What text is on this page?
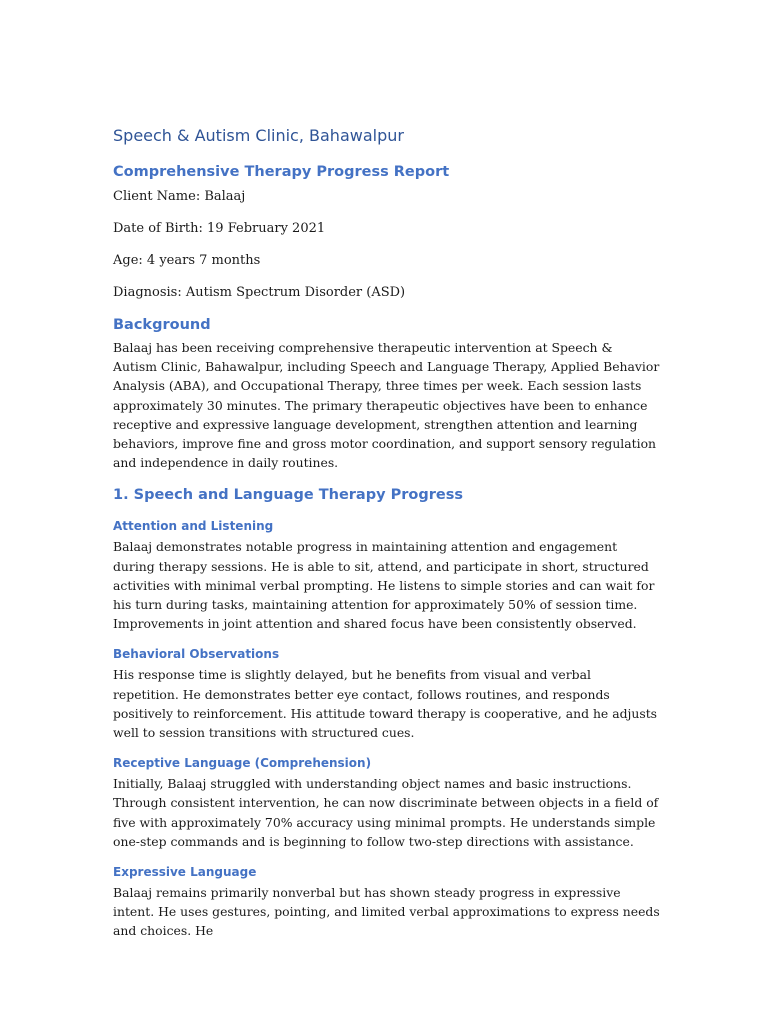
Speech & Autism Clinic, Bahawalpur
Comprehensive Therapy Progress Report

Client Name: Balaaj

Date of Birth: 19 February 2021

Age: 4 years 7 months

Diagnosis: Autism Spectrum Disorder (ASD)

Background

Balaaj has been receiving comprehensive therapeutic intervention at Speech & Autism Clinic, Bahawalpur, including Speech and Language Therapy, Applied Behavior Analysis (ABA), and Occupational Therapy, three times per week. Each session lasts approximately 30 minutes. The primary therapeutic objectives have been to enhance receptive and expressive language development, strengthen attention and learning behaviors, improve fine and gross motor coordination, and support sensory regulation and independence in daily routines.

1. Speech and Language Therapy Progress
Attention and Listening

Balaaj demonstrates notable progress in maintaining attention and engagement during therapy sessions. He is able to sit, attend, and participate in short, structured activities with minimal verbal prompting. He listens to simple stories and can wait for his turn during tasks, maintaining attention for approximately 50% of session time. Improvements in joint attention and shared focus have been consistently observed.

Behavioral Observations

His response time is slightly delayed, but he benefits from visual and verbal repetition. He demonstrates better eye contact, follows routines, and responds positively to reinforcement. His attitude toward therapy is cooperative, and he adjusts well to session transitions with structured cues.

Receptive Language (Comprehension)

Initially, Balaaj struggled with understanding object names and basic instructions. Through consistent intervention, he can now discriminate between objects in a field of five with approximately 70% accuracy using minimal prompts. He understands simple one-step commands and is beginning to follow two-step directions with assistance.

Expressive Language

Balaaj remains primarily nonverbal but has shown steady progress in expressive intent. He uses gestures, pointing, and limited verbal approximations to express needs and choices. He
